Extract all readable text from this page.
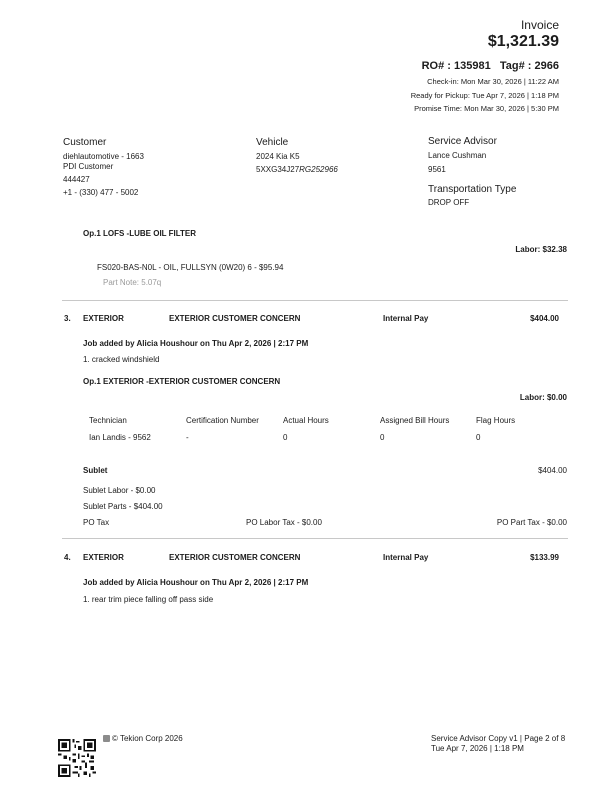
Invoice
$1,321.39
RO# : 135981 Tag# : 2966
Check-in: Mon Mar 30, 2026 | 11:22 AM
Ready for Pickup: Tue Apr 7, 2026 | 1:18 PM
Promise Time: Mon Mar 30, 2026 | 5:30 PM
Customer
diehlautomotive - 1663
PDI Customer
444427
+1 - (330) 477 - 5002
Vehicle
2024 Kia K5
5XXG34J27RG252966
Service Advisor
Lance Cushman
9561
Transportation Type
DROP OFF
Op.1 LOFS -LUBE OIL FILTER
Labor: $32.38
FS020-BAS-N0L - OIL, FULLSYN (0W20) 6 - $95.94
Part Note: 5.07q
3. EXTERIOR	EXTERIOR CUSTOMER CONCERN	Internal Pay	$404.00
Job added by Alicia Houshour on Thu Apr 2, 2026 | 2:17 PM
1. cracked windshield
Op.1 EXTERIOR -EXTERIOR CUSTOMER CONCERN
Labor: $0.00
Technician	Certification Number	Actual Hours	Assigned Bill Hours	Flag Hours
Ian Landis - 9562	-	0	0	0
Sublet	$404.00
Sublet Labor - $0.00
Sublet Parts - $404.00
PO Tax	PO Labor Tax - $0.00	PO Part Tax - $0.00
4. EXTERIOR	EXTERIOR CUSTOMER CONCERN	Internal Pay	$133.99
Job added by Alicia Houshour on Thu Apr 2, 2026 | 2:17 PM
1. rear trim piece falling off pass side
© Tekion Corp 2026	Service Advisor Copy v1 | Page 2 of 8
Tue Apr 7, 2026 | 1:18 PM
